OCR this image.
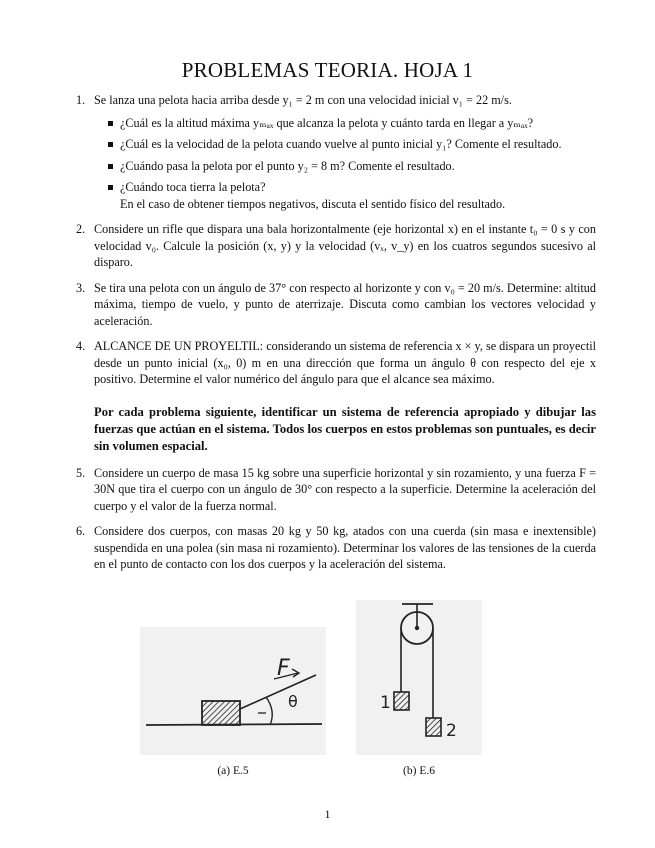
PROBLEMAS TEORIA. HOJA 1
1. Se lanza una pelota hacia arriba desde y₁ = 2 m con una velocidad inicial v₁ = 22 m/s.
¿Cuál es la altitud máxima yₘₐₓ que alcanza la pelota y cuánto tarda en llegar a yₘₐₓ?
¿Cuál es la velocidad de la pelota cuando vuelve al punto inicial y₁? Comente el resultado.
¿Cuándo pasa la pelota por el punto y₂ = 8 m? Comente el resultado.
¿Cuándo toca tierra la pelota?
En el caso de obtener tiempos negativos, discuta el sentido físico del resultado.
2. Considere un rifle que dispara una bala horizontalmente (eje horizontal x) en el instante t₀ = 0 s y con velocidad v₀. Calcule la posición (x, y) y la velocidad (vₓ, v_y) en los cuatros segundos sucesivo al disparo.
3. Se tira una pelota con un ángulo de 37° con respecto al horizonte y con v₀ = 20 m/s. Determine: altitud máxima, tiempo de vuelo, y punto de aterrizaje. Discuta como cambian los vectores velocidad y aceleración.
4. ALCANCE DE UN PROYELTIL: considerando un sistema de referencia x × y, se dispara un proyectil desde un punto inicial (x₀, 0) m en una dirección que forma un ángulo θ con respecto del eje x positivo. Determine el valor numérico del ángulo para que el alcance sea máximo.
Por cada problema siguiente, identificar un sistema de referencia apropiado y dibujar las fuerzas que actúan en el sistema. Todos los cuerpos en estos problemas son puntuales, es decir sin volumen espacial.
5. Considere un cuerpo de masa 15 kg sobre una superficie horizontal y sin rozamiento, y una fuerza F = 30N que tira el cuerpo con un ángulo de 30° con respecto a la superficie. Determine la aceleración del cuerpo y el valor de la fuerza normal.
6. Considere dos cuerpos, con masas 20 kg y 50 kg, atados con una cuerda (sin masa e inextensible) suspendida en una polea (sin masa ni rozamiento). Determinar los valores de las tensiones de la cuerda en el punto de contacto con los dos cuerpos y la aceleración del sistema.
F
θ
(a) E.5
1
2
(b) E.6
1
